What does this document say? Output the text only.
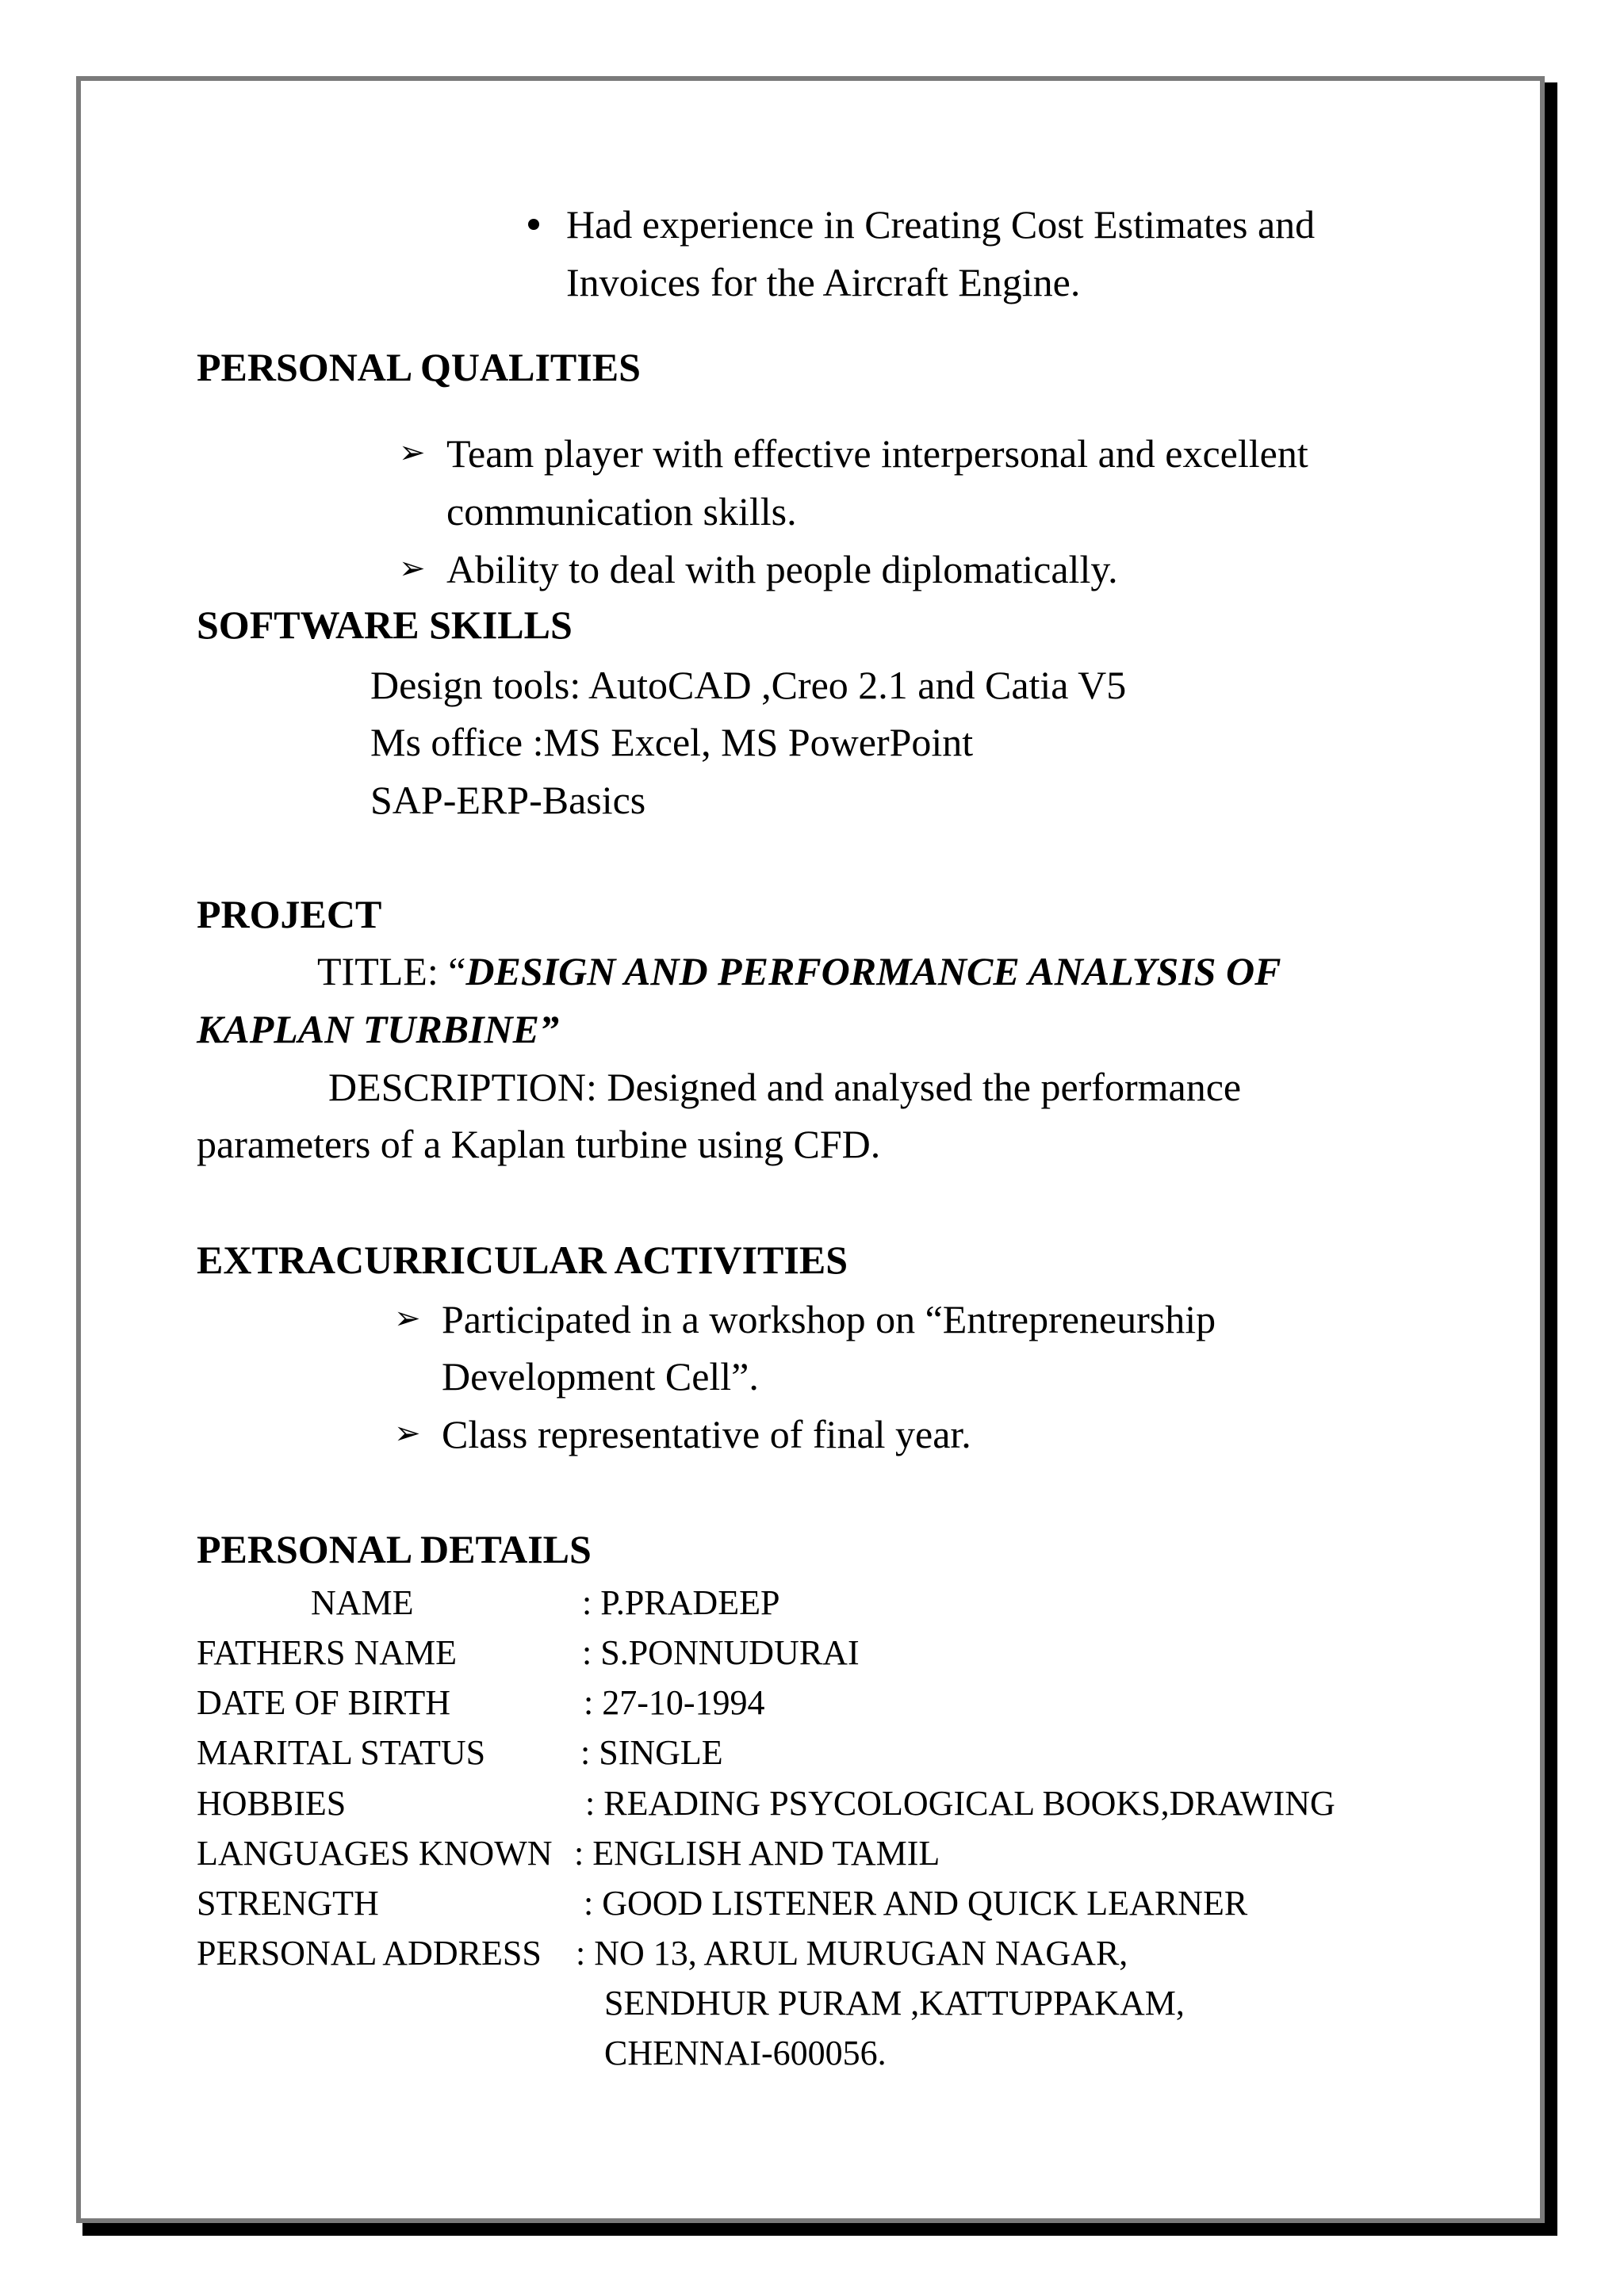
Had experience in Creating Cost Estimates and
Invoices for the Aircraft Engine.
PERSONAL QUALITIES
➢ Team player with effective interpersonal and excellent
communication skills.
➢ Ability to deal with people diplomatically.
SOFTWARE SKILLS
Design tools: AutoCAD ,Creo 2.1 and Catia V5
Ms office :MS Excel, MS PowerPoint
SAP-ERP-Basics
PROJECT
TITLE: “DESIGN AND PERFORMANCE ANALYSIS OF
KAPLAN TURBINE”
DESCRIPTION: Designed and analysed the performance
parameters of a Kaplan turbine using CFD.
EXTRACURRICULAR ACTIVITIES
➢ Participated in a workshop on “Entrepreneurship
Development Cell”.
➢ Class representative of final year.
PERSONAL DETAILS
NAME	: P.PRADEEP
FATHERS NAME	: S.PONNUDURAI
DATE OF BIRTH	: 27-10-1994
MARITAL STATUS	: SINGLE
HOBBIES	: READING PSYCOLOGICAL BOOKS,DRAWING
LANGUAGES KNOWN : ENGLISH AND TAMIL
STRENGTH	: GOOD LISTENER AND QUICK LEARNER
PERSONAL ADDRESS : NO 13, ARUL MURUGAN NAGAR,
SENDHUR PURAM ,KATTUPPAKAM,
CHENNAI-600056.
